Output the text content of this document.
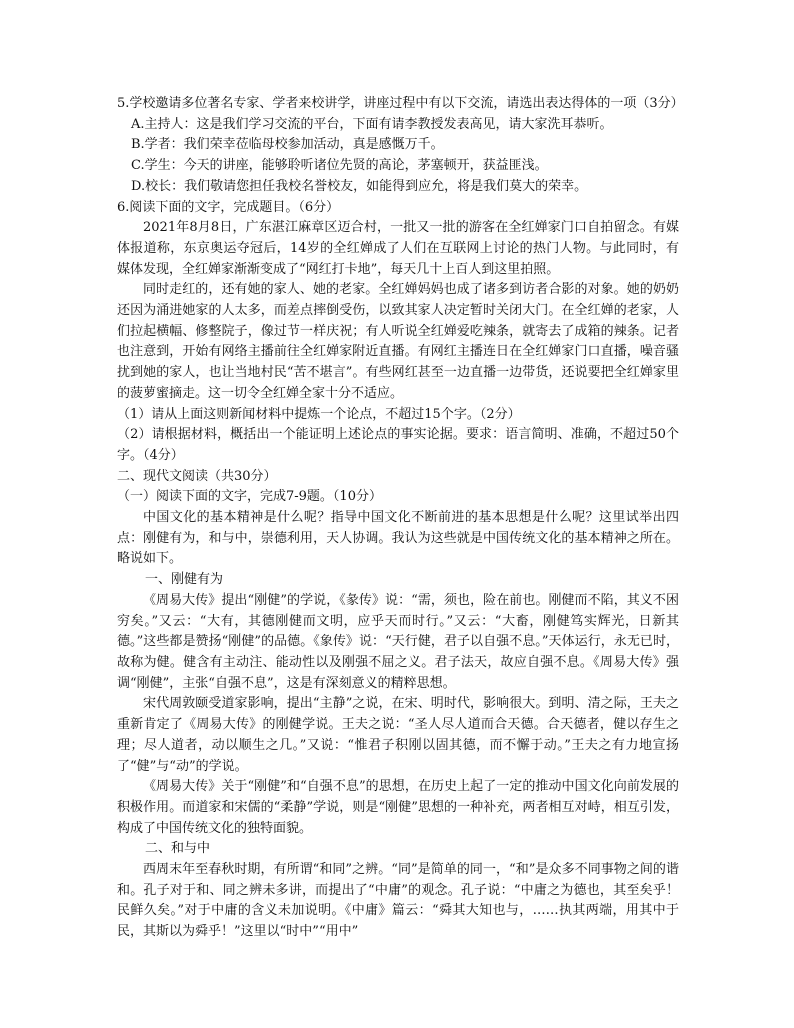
5.学校邀请多位著名专家、学者来校讲学，讲座过程中有以下交流，请选出表达得体的一项（3分）

A.主持人：这是我们学习交流的平台，下面有请李教授发表高见，请大家洗耳恭听。

B.学者：我们荣幸莅临母校参加活动，真是感慨万千。

C.学生：今天的讲座，能够聆听诸位先贤的高论，茅塞顿开，获益匪浅。

D.校长：我们敬请您担任我校名誉校友，如能得到应允，将是我们莫大的荣幸。

6.阅读下面的文字，完成题目。（6分）

2021年8月8日，广东湛江麻章区迈合村，一批又一批的游客在全红婵家门口自拍留念。有媒体报道称，东京奥运夺冠后，14岁的全红婵成了人们在互联网上讨论的热门人物。与此同时，有媒体发现，全红婵家渐渐变成了“网红打卡地”，每天几十上百人到这里拍照。

同时走红的，还有她的家人、她的老家。全红婵妈妈也成了诸多到访者合影的对象。她的奶奶还因为涌进她家的人太多，而差点摔倒受伤，以致其家人决定暂时关闭大门。在全红婵的老家，人们拉起横幅、修整院子，像过节一样庆祝；有人听说全红婵爱吃辣条，就寄去了成箱的辣条。记者也注意到，开始有网络主播前往全红婵家附近直播。有网红主播连日在全红婵家门口直播，噪音骚扰到她的家人，也让当地村民“苦不堪言”。有些网红甚至一边直播一边带货，还说要把全红婵家里的菠萝蜜摘走。这一切令全红婵全家十分不适应。

（1）请从上面这则新闻材料中提炼一个论点，不超过15个字。（2分）

（2）请根据材料，概括出一个能证明上述论点的事实论据。要求：语言简明、准确，不超过50个字。（4分）

二、现代文阅读（共30分）

（一）阅读下面的文字，完成7-9题。（10分）

中国文化的基本精神是什么呢？指导中国文化不断前进的基本思想是什么呢？这里试举出四点：刚健有为，和与中，崇德利用，天人协调。我认为这些就是中国传统文化的基本精神之所在。略说如下。

一、刚健有为

《周易大传》提出“刚健”的学说，《彖传》说：“需，须也，险在前也。刚健而不陷，其义不困穷矣。”又云：“大有，其德刚健而文明，应乎天而时行。”又云：“大畜，刚健笃实辉光，日新其德。”这些都是赞扬“刚健”的品德。《象传》说：“天行健，君子以自强不息。”天体运行，永无已时，故称为健。健含有主动注、能动性以及刚强不屈之义。君子法天，故应自强不息。《周易大传》强调“刚健”，主张“自强不息”，这是有深刻意义的精粹思想。

宋代周敦颐受道家影响，提出“主静”之说，在宋、明时代，影响很大。到明、清之际，王夫之重新肯定了《周易大传》的刚健学说。王夫之说：“圣人尽人道而合天德。合天德者，健以存生之理；尽人道者，动以顺生之几。”又说：“惟君子积刚以固其德，而不懈于动。”王夫之有力地宣扬了“健”与“动”的学说。

《周易大传》关于“刚健”和“自强不息”的思想，在历史上起了一定的推动中国文化向前发展的积极作用。而道家和宋儒的“柔静”学说，则是“刚健”思想的一种补充，两者相互对峙，相互引发，构成了中国传统文化的独特面貌。

二、和与中

西周末年至春秋时期，有所谓“和同”之辨。“同”是简单的同一，“和”是众多不同事物之间的谐和。孔子对于和、同之辨未多讲，而提出了“中庸”的观念。孔子说：“中庸之为德也，其至矣乎！民鲜久矣。”对于中庸的含义未加说明。《中庸》篇云：“舜其大知也与，……执其两端，用其中于民，其斯以为舜乎！”这里以“时中”“用中”
